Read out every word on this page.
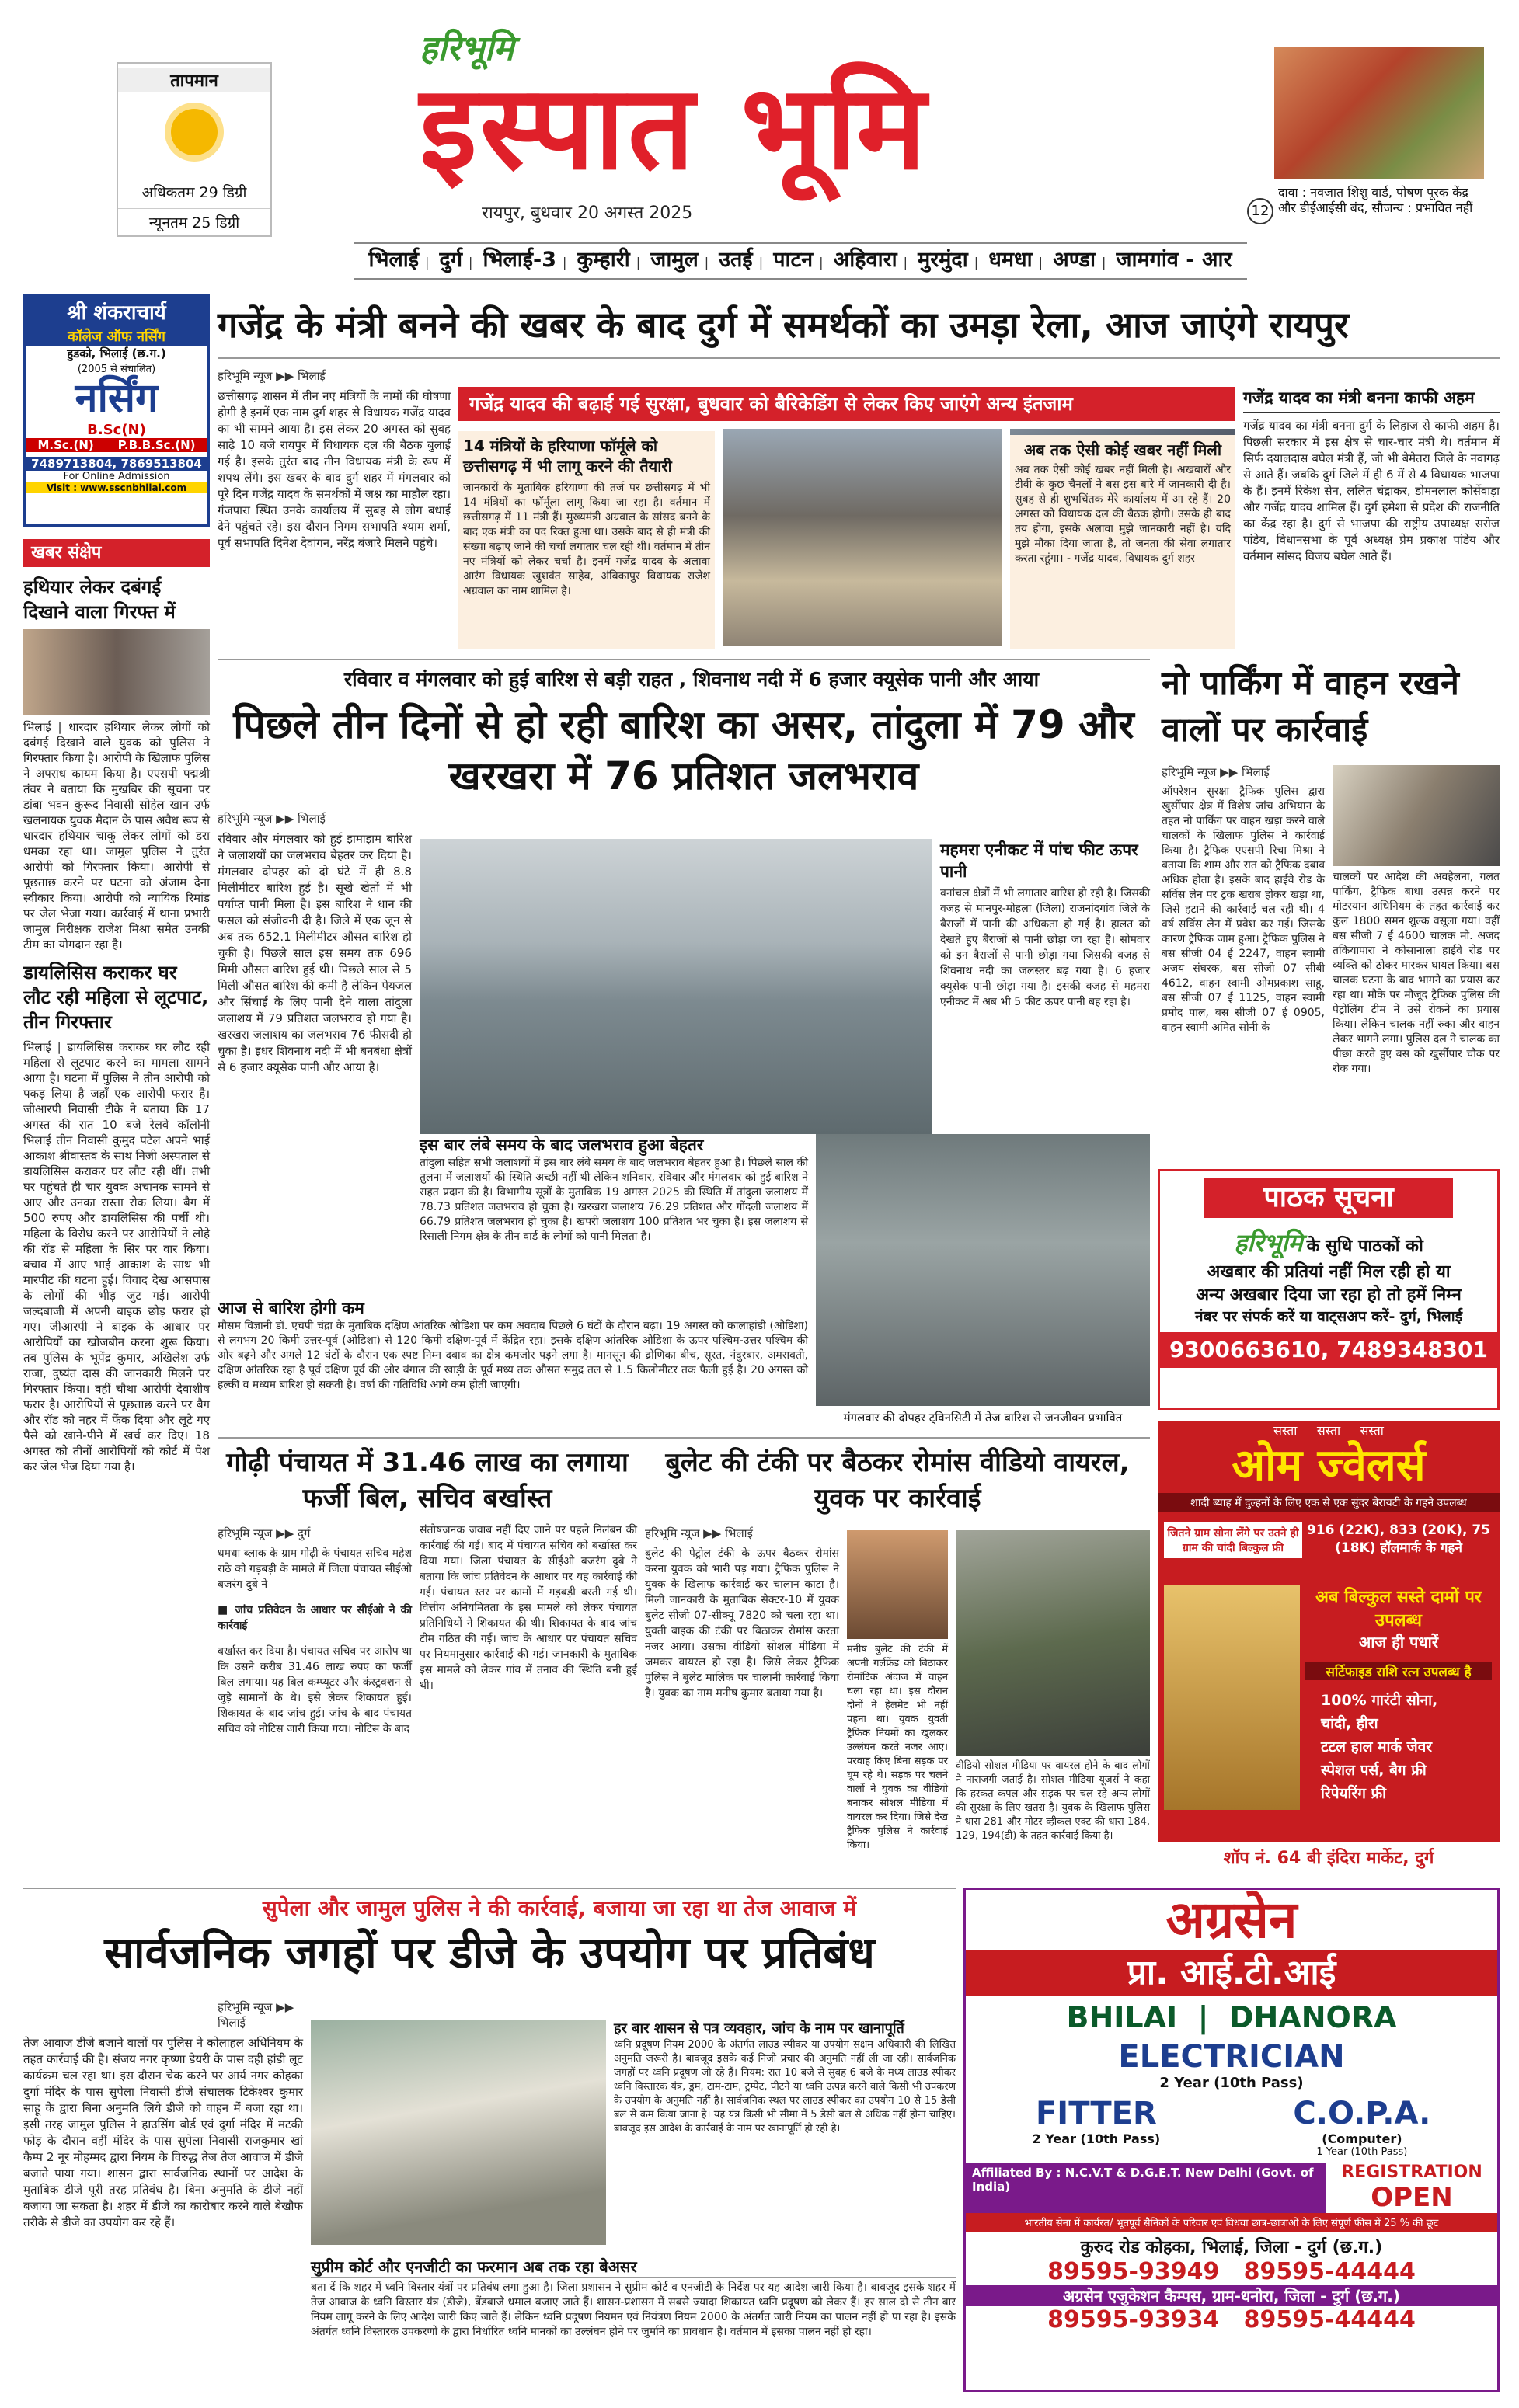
तापमान
अधिकतम 29 डिग्री
न्यूनतम 25 डिग्री
हरिभूमि
इस्पात भूमि
रायपुर, बुधवार 20 अगस्त 2025	12
दावा : नवजात शिशु वार्ड, पोषण पूरक केंद्र और डीईआईसी बंद, सौजन्य : प्रभावित नहीं
भिलाई | दुर्ग | भिलाई-3 | कुम्हारी | जामुल | उतई | पाटन | अहिवारा | मुरमुंदा | धमधा | अण्डा | जामगांव - आर
श्री शंकराचार्य
कॉलेज ऑफ नर्सिंग
हुडको, भिलाई (छ.ग.)
(2005 से संचालित)
नर्सिंग
B.Sc(N)
M.Sc.(N) P.B.B.Sc.(N)
7489713804, 7869513804
For Online Admission
Visit : www.sscnbhilai.com
गजेंद्र के मंत्री बनने की खबर के बाद दुर्ग में समर्थकों का उमड़ा रेला, आज जाएंगे रायपुर
हरिभूमि न्यूज ▶▶ भिलाई
छत्तीसगढ़ शासन में तीन नए मंत्रियों के नामों की घोषणा होगी है इनमें एक नाम दुर्ग शहर से विधायक गजेंद्र यादव का भी सामने आया है। इस लेकर 20 अगस्त को सुबह साढ़े 10 बजे रायपुर में विधायक दल की बैठक बुलाई गई है। इसके तुरंत बाद तीन विधायक मंत्री के रूप में शपथ लेंगे। इस खबर के बाद दुर्ग शहर में मंगलवार को पूरे दिन गजेंद्र यादव के समर्थकों में जश्न का माहौल रहा। गंजपारा स्थित उनके कार्यालय में सुबह से लोग बधाई देने पहुंचते रहे। इस दौरान निगम सभापति श्याम शर्मा, पूर्व सभापति दिनेश देवांगन, नरेंद्र बंजारे मिलने पहुंचे।
गजेंद्र यादव की बढ़ाई गई सुरक्षा, बुधवार को बैरिकेडिंग से लेकर किए जाएंगे अन्य इंतजाम
14 मंत्रियों के हरियाणा फॉर्मूले को छत्तीसगढ़ में भी लागू करने की तैयारी
जानकारों के मुताबिक हरियाणा की तर्ज पर छत्तीसगढ़ में भी 14 मंत्रियों का फॉर्मूला लागू किया जा रहा है। वर्तमान में छत्तीसगढ़ में 11 मंत्री हैं। मुख्यमंत्री अग्रवाल के सांसद बनने के बाद एक मंत्री का पद रिक्त हुआ था। उसके बाद से ही मंत्री की संख्या बढ़ाए जाने की चर्चा लगातार चल रही थी। वर्तमान में तीन नए मंत्रियों को लेकर चर्चा है। इनमें गजेंद्र यादव के अलावा आरंग विधायक खुशवंत साहेब, अंबिकापुर विधायक राजेश अग्रवाल का नाम शामिल है।
अब तक ऐसी कोई खबर नहीं मिली
अब तक ऐसी कोई खबर नहीं मिली है। अखबारों और टीवी के कुछ चैनलों ने बस इस बारे में जानकारी दी है। सुबह से ही शुभचिंतक मेरे कार्यालय में आ रहे हैं। 20 अगस्त को विधायक दल की बैठक होगी। उसके ही बाद तय होगा, इसके अलावा मुझे जानकारी नहीं है। यदि मुझे मौका दिया जाता है, तो जनता की सेवा लगातार करता रहूंगा। - गजेंद्र यादव, विधायक दुर्ग शहर
गजेंद्र यादव का मंत्री बनना काफी अहम
गजेंद्र यादव का मंत्री बनना दुर्ग के लिहाज से काफी अहम है। पिछली सरकार में इस क्षेत्र से चार-चार मंत्री थे। वर्तमान में सिर्फ दयालदास बघेल मंत्री हैं, जो भी बेमेतरा जिले के नवागढ़ से आते हैं। जबकि दुर्ग जिले में ही 6 में से 4 विधायक भाजपा के हैं। इनमें रिकेश सेन, ललित चंद्राकर, डोमनलाल कोर्सेवाड़ा और गजेंद्र यादव शामिल हैं। दुर्ग हमेशा से प्रदेश की राजनीति का केंद्र रहा है। दुर्ग से भाजपा की राष्ट्रीय उपाध्यक्ष सरोज पांडेय, विधानसभा के पूर्व अध्यक्ष प्रेम प्रकाश पांडेय और वर्तमान सांसद विजय बघेल आते हैं।
खबर संक्षेप
हथियार लेकर दबंगई दिखाने वाला गिरफ्त में
भिलाई | धारदार हथियार लेकर लोगों को दबंगई दिखाने वाले युवक को पुलिस ने गिरफ्तार किया है। आरोपी के खिलाफ पुलिस ने अपराध कायम किया है। एएसपी पद्मश्री तंवर ने बताया कि मुखबिर की सूचना पर डांबा भवन कुरूद निवासी सोहेल खान उर्फ खलनायक युवक मैदान के पास अवैध रूप से धारदार हथियार चाकू लेकर लोगों को डरा धमका रहा था। जामुल पुलिस ने तुरंत आरोपी को गिरफ्तार किया। आरोपी से पूछताछ करने पर घटना को अंजाम देना स्वीकार किया। आरोपी को न्यायिक रिमांड पर जेल भेजा गया। कार्रवाई में थाना प्रभारी जामुल निरीक्षक राजेश मिश्रा समेत उनकी टीम का योगदान रहा है।
डायलिसिस कराकर घर लौट रही महिला से लूटपाट, तीन गिरफ्तार
भिलाई | डायलिसिस कराकर घर लौट रही महिला से लूटपाट करने का मामला सामने आया है। घटना में पुलिस ने तीन आरोपी को पकड़ लिया है जहाँ एक आरोपी फरार है। जीआरपी निवासी टीके ने बताया कि 17 अगस्त की रात 10 बजे रेलवे कॉलोनी भिलाई तीन निवासी कुमुद पटेल अपने भाई आकाश श्रीवास्तव के साथ निजी अस्पताल से डायलिसिस कराकर घर लौट रही थीं। तभी घर पहुंचते ही चार युवक अचानक सामने से आए और उनका रास्ता रोक लिया। बैग में 500 रुपए और डायलिसिस की पर्ची थी। महिला के विरोध करने पर आरोपियों ने लोहे की रॉड से महिला के सिर पर वार किया। बचाव में आए भाई आकाश के साथ भी मारपीट की घटना हुई। विवाद देख आसपास के लोगों की भीड़ जुट गई। आरोपी जल्दबाजी में अपनी बाइक छोड़ फरार हो गए। जीआरपी ने बाइक के आधार पर आरोपियों का खोजबीन करना शुरू किया। तब पुलिस के भूपेंद्र कुमार, अखिलेश उर्फ राजा, दुष्यंत दास की जानकारी मिलने पर गिरफ्तार किया। वहीं चौथा आरोपी देवाशीष फरार है। आरोपियों से पूछताछ करने पर बैग और रॉड को नहर में फेंक दिया और लूटे गए पैसे को खाने-पीने में खर्च कर दिए। 18 अगस्त को तीनों आरोपियों को कोर्ट में पेश कर जेल भेज दिया गया है।
रविवार व मंगलवार को हुई बारिश से बड़ी राहत , शिवनाथ नदी में 6 हजार क्यूसेक पानी और आया
पिछले तीन दिनों से हो रही बारिश का असर, तांदुला में 79 और खरखरा में 76 प्रतिशत जलभराव
हरिभूमि न्यूज ▶▶ भिलाई
रविवार और मंगलवार को हुई झमाझम बारिश ने जलाशयों का जलभराव बेहतर कर दिया है। मंगलवार दोपहर को दो घंटे में ही 8.8 मिलीमीटर बारिश हुई है। सूखे खेतों में भी पर्याप्त पानी मिला है। इस बारिश ने धान की फसल को संजीवनी दी है। जिले में एक जून से अब तक 652.1 मिलीमीटर औसत बारिश हो चुकी है। पिछले साल इस समय तक 696 मिमी औसत बारिश हुई थी। पिछले साल से 5 मिली औसत बारिश की कमी है लेकिन पेयजल और सिंचाई के लिए पानी देने वाला तांदुला जलाशय में 79 प्रतिशत जलभराव हो गया है। खरखरा जलाशय का जलभराव 76 फीसदी हो चुका है। इधर शिवनाथ नदी में भी बनबंधा क्षेत्रों से 6 हजार क्यूसेक पानी और आया है।
महमरा एनीकट में पांच फीट ऊपर पानी
वनांचल क्षेत्रों में भी लगातार बारिश हो रही है। जिसकी वजह से मानपुर-मोहला (जिला) राजनांदगांव जिले के बैराजों में पानी की अधिकता हो गई है। हालत को देखते हुए बैराजों से पानी छोड़ा जा रहा है। सोमवार को इन बैराजों से पानी छोड़ा गया जिसकी वजह से शिवनाथ नदी का जलस्तर बढ़ गया है। 6 हजार क्यूसेक पानी छोड़ा गया है। इसकी वजह से महमरा एनीकट में अब भी 5 फीट ऊपर पानी बह रहा है।
इस बार लंबे समय के बाद जलभराव हुआ बेहतर
तांदुला सहित सभी जलाशयों में इस बार लंबे समय के बाद जलभराव बेहतर हुआ है। पिछले साल की तुलना में जलाशयों की स्थिति अच्छी नहीं थी लेकिन शनिवार, रविवार और मंगलवार को हुई बारिश ने राहत प्रदान की है। विभागीय सूत्रों के मुताबिक 19 अगस्त 2025 की स्थिति में तांदुला जलाशय में 78.73 प्रतिशत जलभराव हो चुका है। खरखरा जलाशय 76.29 प्रतिशत और गोंदली जलाशय में 66.79 प्रतिशत जलभराव हो चुका है। खपरी जलाशय 100 प्रतिशत भर चुका है। इस जलाशय से रिसाली निगम क्षेत्र के तीन वार्ड के लोगों को पानी मिलता है।
मंगलवार की दोपहर ट्विनसिटी में तेज बारिश से जनजीवन प्रभावित
आज से बारिश होगी कम
मौसम विज्ञानी डॉ. एचपी चंद्रा के मुताबिक दक्षिण आंतरिक ओडिशा पर कम अवदाब पिछले 6 घंटों के दौरान बढ़ा। 19 अगस्त को कालाहांडी (ओडिशा) से लगभग 20 किमी उत्तर-पूर्व (ओडिशा) से 120 किमी दक्षिण-पूर्व में केंद्रित रहा। इसके दक्षिण आंतरिक ओडिशा के ऊपर पश्चिम-उत्तर पश्चिम की ओर बढ़ने और अगले 12 घंटों के दौरान एक स्पष्ट निम्न दबाव का क्षेत्र कमजोर पड़ने लगा है। मानसून की द्रोणिका बीच, सूरत, नंदुरबार, अमरावती, दक्षिण आंतरिक रहा है पूर्व दक्षिण पूर्व की ओर बंगाल की खाड़ी के पूर्व मध्य तक औसत समुद्र तल से 1.5 किलोमीटर तक फैली हुई है। 20 अगस्त को हल्की व मध्यम बारिश हो सकती है। वर्षा की गतिविधि आगे कम होती जाएगी।
नो पार्किंग में वाहन रखने वालों पर कार्रवाई
हरिभूमि न्यूज ▶▶ भिलाई
ऑपरेशन सुरक्षा ट्रैफिक पुलिस द्वारा खुर्सीपार क्षेत्र में विशेष जांच अभियान के तहत नो पार्किंग पर वाहन खड़ा करने वाले चालकों के खिलाफ पुलिस ने कार्रवाई किया है। ट्रैफिक एएसपी रिचा मिश्रा ने बताया कि शाम और रात को ट्रैफिक दबाव अधिक होता है। इसके बाद हाईवे रोड के सर्विस लेन पर ट्रक खराब होकर खड़ा था, जिसे हटाने की कार्रवाई चल रही थी। 4 वर्ष सर्विस लेन में प्रवेश कर गई। जिसके कारण ट्रैफिक जाम हुआ। ट्रैफिक पुलिस ने बस सीजी 04 ई 2247, वाहन स्वामी अजय संघरक, बस सीजी 07 सीबी 4612, वाहन स्वामी ओमप्रकाश साहू, बस सीजी 07 ई 1125, वाहन स्वामी प्रमोद पाल, बस सीजी 07 ई 0905, वाहन स्वामी अमित सोनी के
चालकों पर आदेश की अवहेलना, गलत पार्किंग, ट्रैफिक बाधा उत्पन्न करने पर मोटरयान अधिनियम के तहत कार्रवाई कर कुल 1800 समन शुल्क वसूला गया। वहीं बस सीजी 7 ई 4600 चालक मो. अजद तकियापारा ने कोसानाला हाईवे रोड पर व्यक्ति को ठोकर मारकर घायल किया। बस चालक घटना के बाद भागने का प्रयास कर रहा था। मौके पर मौजूद ट्रैफिक पुलिस की पेट्रोलिंग टीम ने उसे रोकने का प्रयास किया। लेकिन चालक नहीं रुका और वाहन लेकर भागने लगा। पुलिस दल ने चालक का पीछा करते हुए बस को खुर्सीपार चौक पर रोक गया।
पाठक सूचना
हरिभूमि के सुधि पाठकों को
अखबार की प्रतियां नहीं मिल रही हो या
अन्य अखबार दिया जा रहा हो तो हमें निम्न
नंबर पर संपर्क करें या वाट्सअप करें- दुर्ग, भिलाई
9300663610, 7489348301
गोढ़ी पंचायत में 31.46 लाख का लगाया फर्जी बिल, सचिव बर्खास्त
हरिभूमि न्यूज ▶▶ दुर्ग
धमधा ब्लाक के ग्राम गोढ़ी के पंचायत सचिव महेश राठे को गड़बड़ी के मामले में जिला पंचायत सीईओ बजरंग दुबे ने
■ जांच प्रतिवेदन के आधार पर सीईओ ने की कार्रवाई
बर्खास्त कर दिया है। पंचायत सचिव पर आरोप था कि उसने करीब 31.46 लाख रुपए का फर्जी बिल लगाया। यह बिल कम्प्यूटर और कंस्ट्रक्शन से जुड़े सामानों के थे। इसे लेकर शिकायत हुई। शिकायत के बाद जांच हुई। जांच के बाद पंचायत सचिव को नोटिस जारी किया गया। नोटिस के बाद
संतोषजनक जवाब नहीं दिए जाने पर पहले निलंबन की कार्रवाई की गई। बाद में पंचायत सचिव को बर्खास्त कर दिया गया। जिला पंचायत के सीईओ बजरंग दुबे ने बताया कि जांच प्रतिवेदन के आधार पर यह कार्रवाई की गई। पंचायत स्तर पर कामों में गड़बड़ी बरती गई थी। वित्तीय अनियमितता के इस मामले को लेकर पंचायत प्रतिनिधियों ने शिकायत की थी। शिकायत के बाद जांच टीम गठित की गई। जांच के आधार पर पंचायत सचिव पर नियमानुसार कार्रवाई की गई। जानकारी के मुताबिक इस मामले को लेकर गांव में तनाव की स्थिति बनी हुई थी।
बुलेट की टंकी पर बैठकर रोमांस वीडियो वायरल, युवक पर कार्रवाई
हरिभूमि न्यूज ▶▶ भिलाई
बुलेट की पेट्रोल टंकी के ऊपर बैठकर रोमांस करना युवक को भारी पड़ गया। ट्रैफिक पुलिस ने युवक के खिलाफ कार्रवाई कर चालान काटा है। मिली जानकारी के मुताबिक सेक्टर-10 में युवक बुलेट सीजी 07-सीक्यू 7820 को चला रहा था। युवती बाइक की टंकी पर बिठाकर रोमांस करता नजर आया। उसका वीडियो सोशल मीडिया में जमकर वायरल हो रहा है। जिसे लेकर ट्रैफिक पुलिस ने बुलेट मालिक पर चालानी कार्रवाई किया है। युवक का नाम मनीष कुमार बताया गया है।
मनीष बुलेट की टंकी में अपनी गर्लफ्रेंड को बिठाकर रोमांटिक अंदाज में वाहन चला रहा था। इस दौरान दोनों ने हेलमेट भी नहीं पहना था। युवक युवती ट्रैफिक नियमों का खुलकर उल्लंघन करते नजर आए। परवाह किए बिना सड़क पर घूम रहे थे। सड़क पर चलने वालों ने युवक का वीडियो बनाकर सोशल मीडिया में वायरल कर दिया। जिसे देख ट्रैफिक पुलिस ने कार्रवाई किया।
वीडियो सोशल मीडिया पर वायरल होने के बाद लोगों ने नाराजगी जताई है। सोशल मीडिया यूजर्स ने कहा कि हरकत कपल और सड़क पर चल रहे अन्य लोगों की सुरक्षा के लिए खतरा है। युवक के खिलाफ पुलिस ने धारा 281 और मोटर व्हीकल एक्ट की धारा 184, 129, 194(डी) के तहत कार्रवाई किया है।
सस्ता     सस्ता     सस्ता
ओम ज्वेलर्स
शादी ब्याह में दुल्हनों के लिए एक से एक सुंदर बेरायटी के गहने उपलब्ध
जितने ग्राम सोना लेंगे पर उतने ही ग्राम की चांदी बिल्कुल फ्री
916 (22K), 833 (20K), 75 (18K) हॉलमार्क के गहने
अब बिल्कुल सस्ते दामों पर उपलब्ध
आज ही पधारें
सर्टिफाइड राशि रत्न उपलब्ध है
100% गारंटी सोना,
चांदी, हीरा
टटल हाल मार्क जेवर
स्पेशल पर्स, बैग फ्री
रिपेयरिंग फ्री
शॉप नं. 64 बी इंदिरा मार्केट, दुर्ग
सुपेला और जामुल पुलिस ने की कार्रवाई, बजाया जा रहा था तेज आवाज में
सार्वजनिक जगहों पर डीजे के उपयोग पर प्रतिबंध
हरिभूमि न्यूज ▶▶ भिलाई
तेज आवाज डीजे बजाने वालों पर पुलिस ने कोलाहल अधिनियम के तहत कार्रवाई की है। संजय नगर कृष्णा डेयरी के पास दही हांडी लूट कार्यक्रम चल रहा था। इस दौरान चेक करने पर आर्य नगर कोहका दुर्गा मंदिर के पास सुपेला निवासी डीजे संचालक टिकेश्वर कुमार साहू के द्वारा बिना अनुमति लिये डीजे को वाहन में बजा रहा था। इसी तरह जामुल पुलिस ने हाउसिंग बोर्ड एवं दुर्गा मंदिर में मटकी फोड़ के दौरान वहीं मंदिर के पास सुपेला निवासी राजकुमार खां कैम्प 2 नूर मोहम्मद द्वारा नियम के विरुद्ध तेज तेज आवाज में डीजे बजाते पाया गया। शासन द्वारा सार्वजनिक स्थानों पर आदेश के मुताबिक डीजे पूरी तरह प्रतिबंध है। बिना अनुमति के डीजे नहीं बजाया जा सकता है। शहर में डीजे का कारोबार करने वाले बेखौफ तरीके से डीजे का उपयोग कर रहे हैं।
हर बार शासन से पत्र व्यवहार, जांच के नाम पर खानापूर्ति
ध्वनि प्रदूषण नियम 2000 के अंतर्गत लाउड स्पीकर या उपयोग सक्षम अधिकारी की लिखित अनुमति जरूरी है। बावजूद इसके कई निजी प्रचार की अनुमति नहीं ली जा रही। सार्वजनिक जगहों पर ध्वनि प्रदूषण जो रहे हैं। नियम: रात 10 बजे से सुबह 6 बजे के मध्य लाउड स्पीकर ध्वनि विस्तारक यंत्र, ड्रम, टाम-टाम, ट्रम्पेट, पीटने या ध्वनि उत्पन्न करने वाले किसी भी उपकरण के उपयोग के अनुमति नहीं है। सार्वजनिक स्थल पर लाउड स्पीकर का उपयोग 10 से 15 डेसी बल से कम किया जाना है। यह यंत्र किसी भी सीमा में 5 डेसी बल से अधिक नहीं होना चाहिए। बावजूद इस आदेश के कार्रवाई के नाम पर खानापूर्ति हो रही है।
सुप्रीम कोर्ट और एनजीटी का फरमान अब तक रहा बेअसर
बता दें कि शहर में ध्वनि विस्तार यंत्रों पर प्रतिबंध लगा हुआ है। जिला प्रशासन ने सुप्रीम कोर्ट व एनजीटी के निर्देश पर यह आदेश जारी किया है। बावजूद इसके शहर में तेज आवाज के ध्वनि विस्तार यंत्र (डीजे), बेंडबाजे धमाल बजाए जाते हैं। शासन-प्रशासन में सबसे ज्यादा शिकायत ध्वनि प्रदूषण को लेकर हैं। हर साल दो से तीन बार नियम लागू करने के लिए आदेश जारी किए जाते हैं। लेकिन ध्वनि प्रदूषण नियमन एवं नियंत्रण नियम 2000 के अंतर्गत जारी नियम का पालन नहीं हो पा रहा है। इसके अंतर्गत ध्वनि विस्तारक उपकरणों के द्वारा निर्धारित ध्वनि मानकों का उल्लंघन होने पर जुर्माने का प्रावधान है। वर्तमान में इसका पालन नहीं हो रहा।
अग्रसेन
प्रा. आई.टी.आई
BHILAI  |  DHANORA
ELECTRICIAN
2 Year (10th Pass)
FITTER
2 Year (10th Pass)
C.O.P.A.
(Computer)
1 Year (10th Pass)
Affiliated By : N.C.V.T & D.G.E.T. New Delhi (Govt. of India)
REGISTRATION
OPEN
भारतीय सेना में कार्यरत/ भूतपूर्व सैनिकों के परिवार एवं विधवा छात्र-छात्राओं के लिए संपूर्ण फीस में 25 % की छूट
कुरुद रोड कोहका, भिलाई, जिला - दुर्ग (छ.ग.)
89595-93949   89595-44444
अग्रसेन एजुकेशन कैम्पस, ग्राम-धनोरा, जिला - दुर्ग (छ.ग.)
89595-93934   89595-44444
